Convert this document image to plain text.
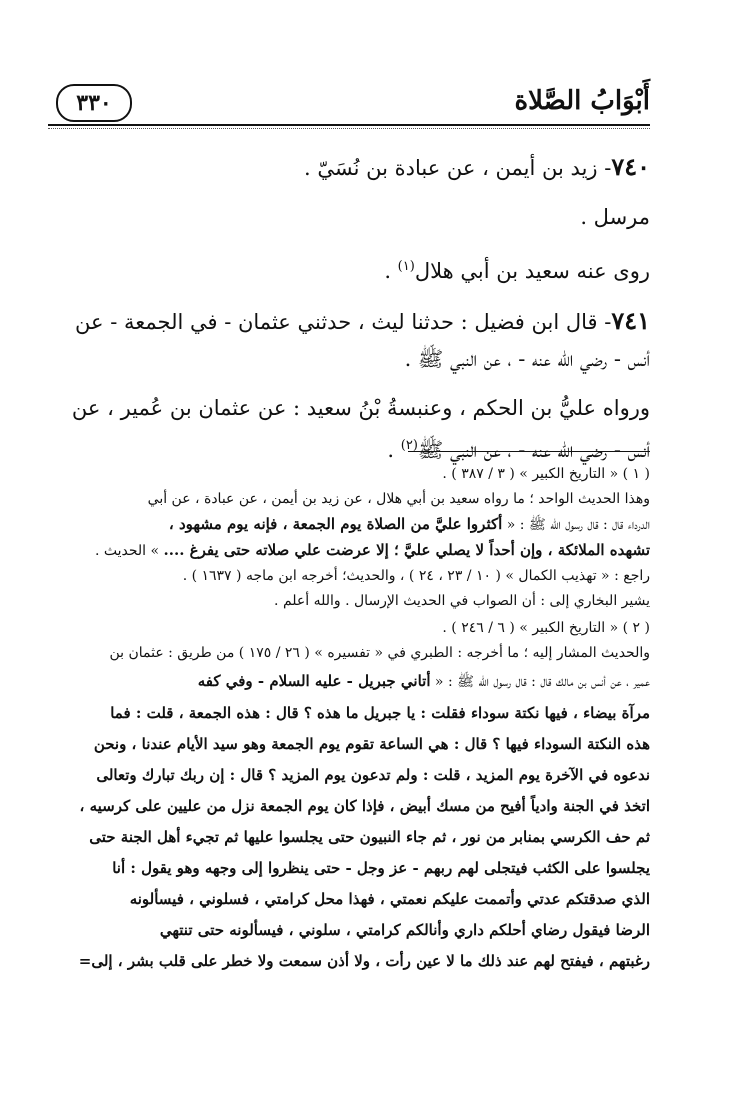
٣٣٠	أَبْوَابُ الصَّلاة

٧٤٠- زيد بن أيمن ، عن عبادة بن نُسَيّ .

مرسل .

روى عنه سعيد بن أبي هلال$^{(١)}$ .

٧٤١- قال ابن فضيل : حدثنا ليث ، حدثني عثمان - في الجمعة - عن

أنس - رضي الله عنه - ، عن النبي ﷺ .

ورواه عليُّ بن الحكم ، وعنبسةُ بْنُ سعيد : عن عثمان بن عُمير ، عن

أنس - رضي الله عنه - ، عن النبي ﷺ$^{(٢)}$ .

( ١ ) « التاريخ الكبير » ( ٣ / ٣٨٧ ) .

وهذا الحديث الواحد ؛ ما رواه سعيد بن أبي هلال ، عن زيد بن أيمن ، عن عبادة ، عن أبي

الدرداء قال : قال رسول الله ﷺ : « أكثروا عليَّ من الصلاة يوم الجمعة ، فإنه يوم مشهود ،

تشهده الملائكة ، وإن أحداً لا يصلي عليَّ ؛ إلا عرضت علي صلاته حتى يفرغ .... » الحديث .

راجع : « تهذيب الكمال » ( ١٠ / ٢٣ ، ٢٤ ) ، والحديث؛ أخرجه ابن ماجه ( ١٦٣٧ ) .

يشير البخاري إلى : أن الصواب في الحديث الإرسال . والله أعلم .

( ٢ ) « التاريخ الكبير » ( ٦ / ٢٤٦ ) .

والحديث المشار إليه ؛ ما أخرجه : الطبري في « تفسيره » ( ٢٦ / ١٧٥ ) من طريق : عثمان بن

عمير ، عن أنس بن مالك قال : قال رسول الله ﷺ : « أتاني جبريل - عليه السلام - وفي كفه

مرآة بيضاء ، فيها نكتة سوداء فقلت : يا جبريل ما هذه ؟ قال : هذه الجمعة ، قلت : فما

هذه النكتة السوداء فيها ؟ قال : هي الساعة تقوم يوم الجمعة وهو سيد الأيام عندنا ، ونحن

ندعوه في الآخرة يوم المزيد ، قلت : ولم تدعون يوم المزيد ؟ قال : إن ربك تبارك وتعالى

اتخذ في الجنة وادياً أفيح من مسك أبيض ، فإذا كان يوم الجمعة نزل من عليين على كرسيه ،

ثم حف الكرسي بمنابر من نور ، ثم جاء النبيون حتى يجلسوا عليها ثم تجيء أهل الجنة حتى

يجلسوا على الكثب فيتجلى لهم ربهم - عز وجل - حتى ينظروا إلى وجهه وهو يقول : أنا

الذي صدقتكم عدتي وأتممت عليكم نعمتي ، فهذا محل كرامتي ، فسلوني ، فيسألونه

الرضا فيقول رضاي أحلكم داري وأنالكم كرامتي ، سلوني ، فيسألونه حتى تنتهي

رغبتهم ، فيفتح لهم عند ذلك ما لا عين رأت ، ولا أذن سمعت ولا خطر على قلب بشر ، إلى=
